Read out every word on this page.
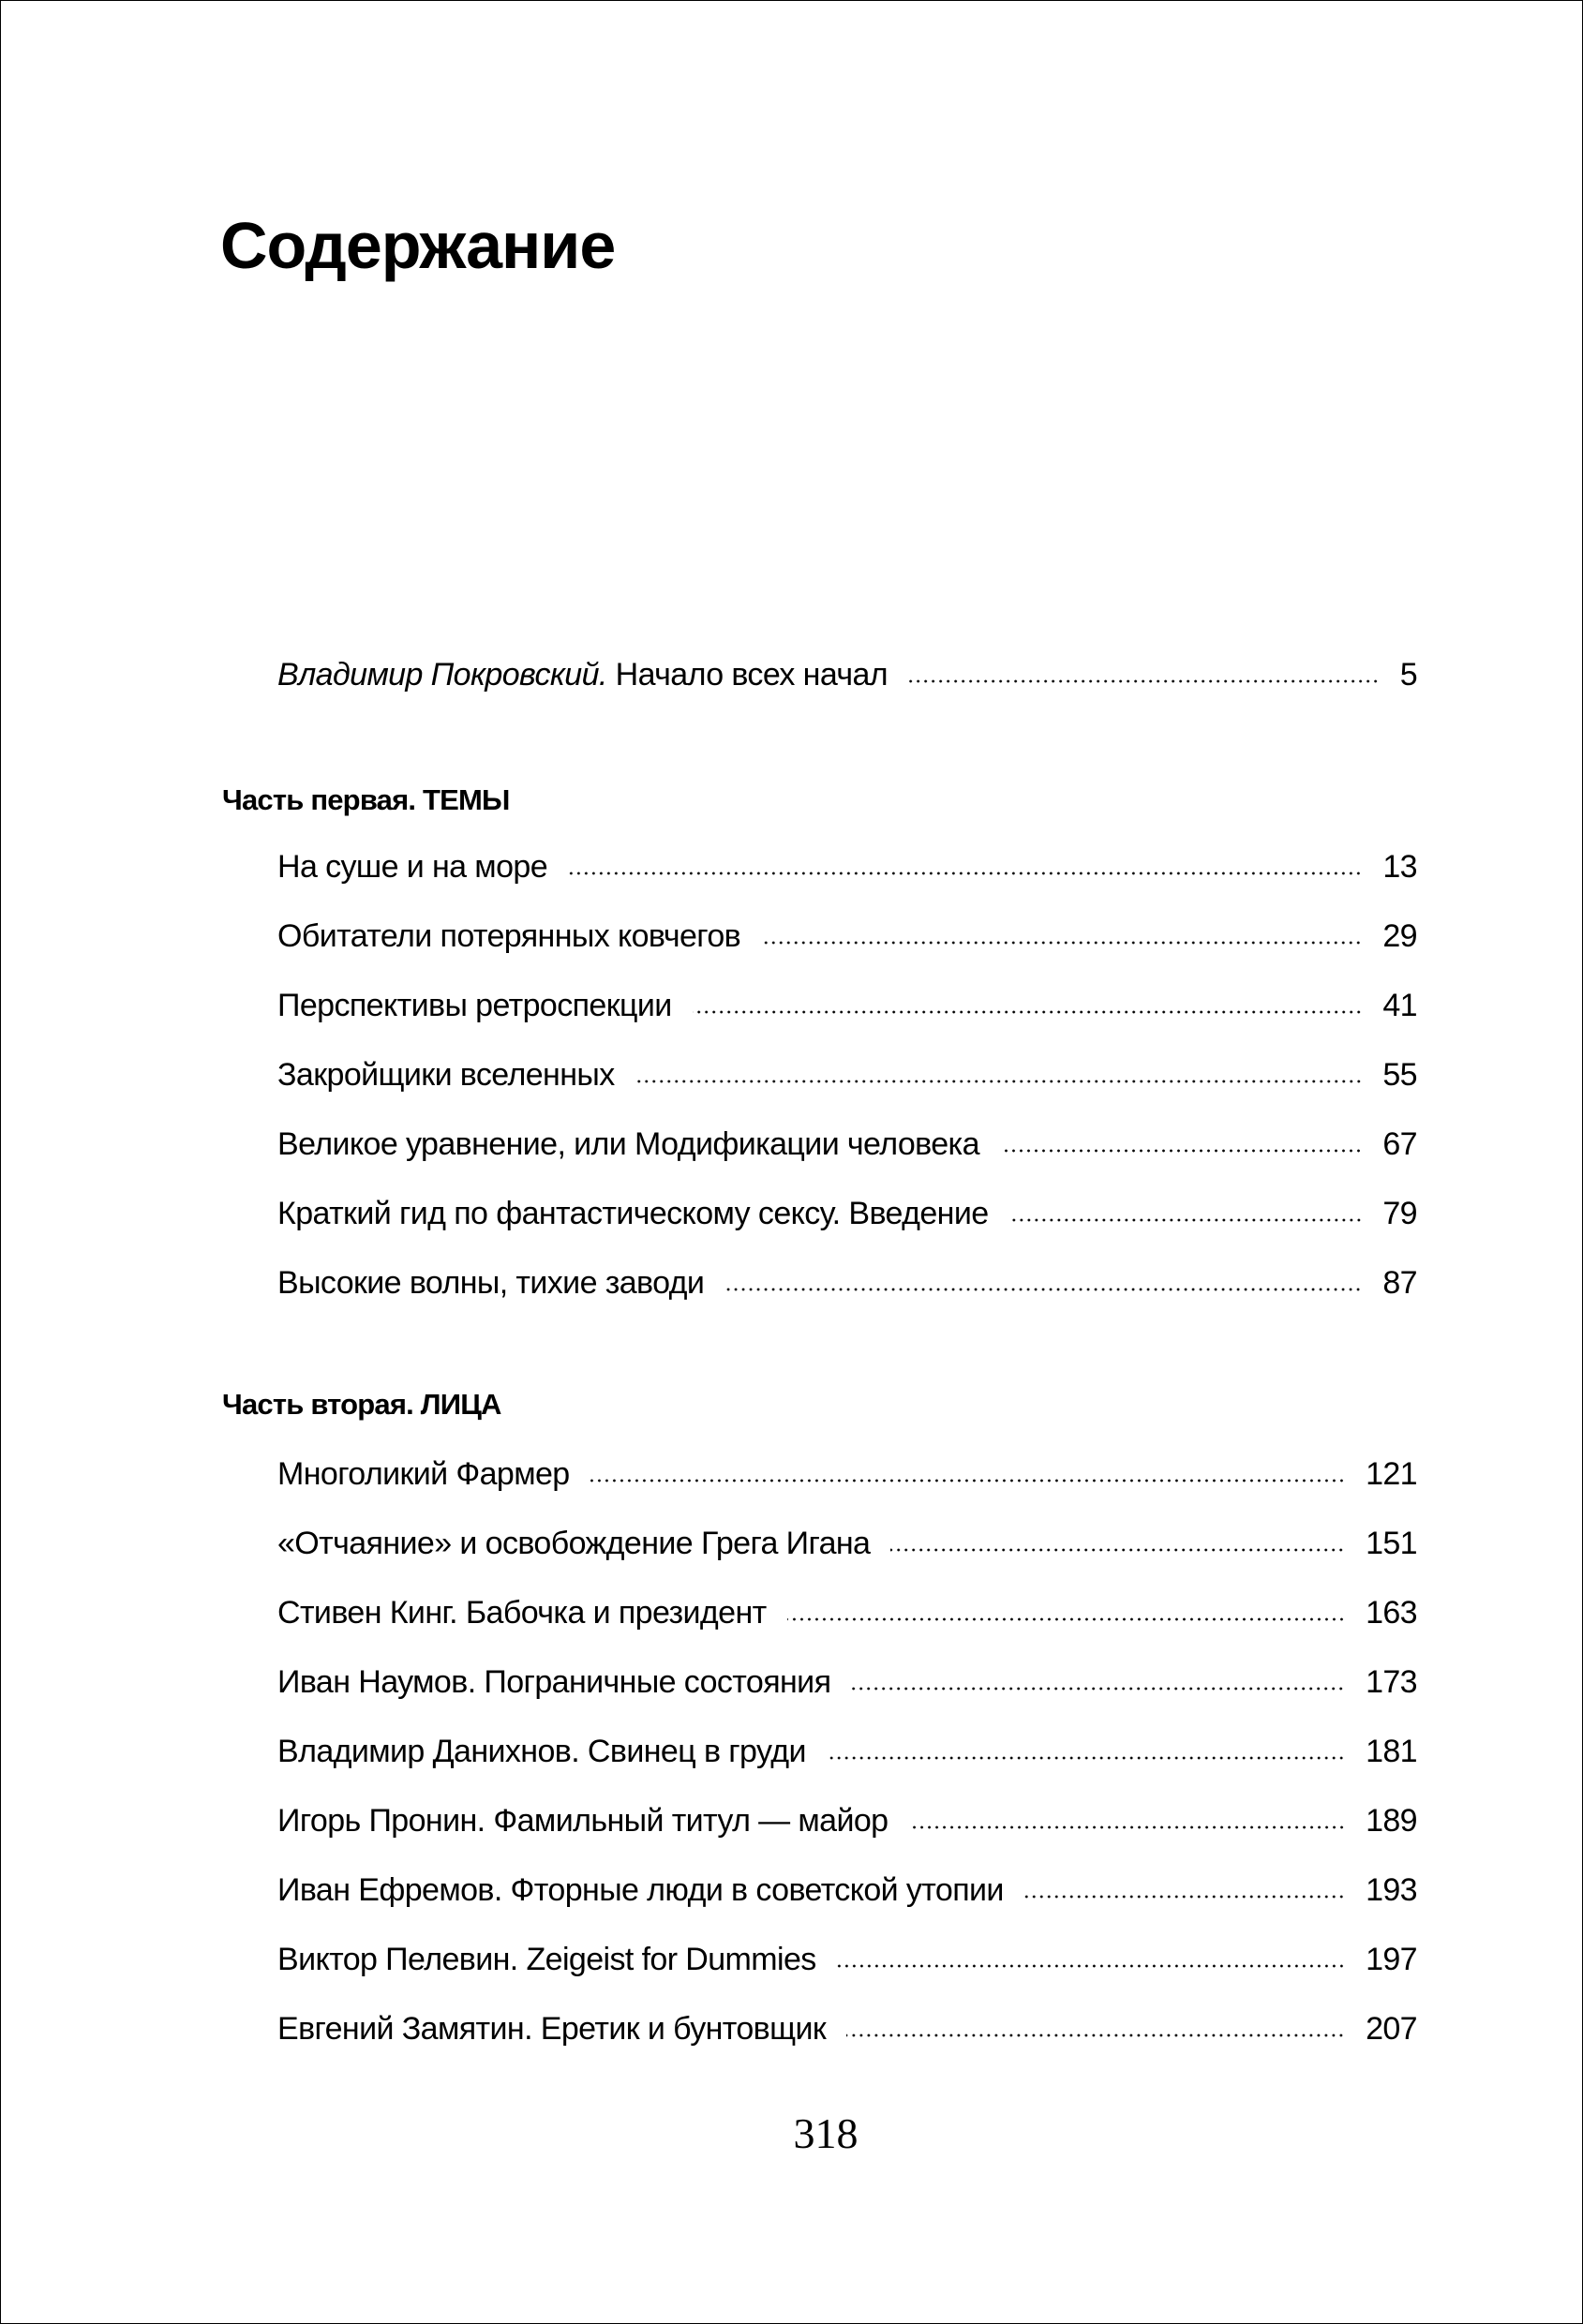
Содержание
Владимир Покровский. Начало всех начал	5
Часть первая. ТЕМЫ
На суше и на море	13
Обитатели потерянных ковчегов	29
Перспективы ретроспекции	41
Закройщики вселенных	55
Великое уравнение, или Модификации человека	67
Краткий гид по фантастическому сексу. Введение	79
Высокие волны, тихие заводи	87
Часть вторая. ЛИЦА
Многоликий Фармер	121
«Отчаяние» и освобождение Грега Игана	151
Стивен Кинг. Бабочка и президент	163
Иван Наумов. Пограничные состояния	173
Владимир Данихнов. Свинец в груди	181
Игорь Пронин. Фамильный титул — майор	189
Иван Ефремов. Фторные люди в советской утопии	193
Виктор Пелевин. Zeigeist for Dummies	197
Евгений Замятин. Еретик и бунтовщик	207
318
